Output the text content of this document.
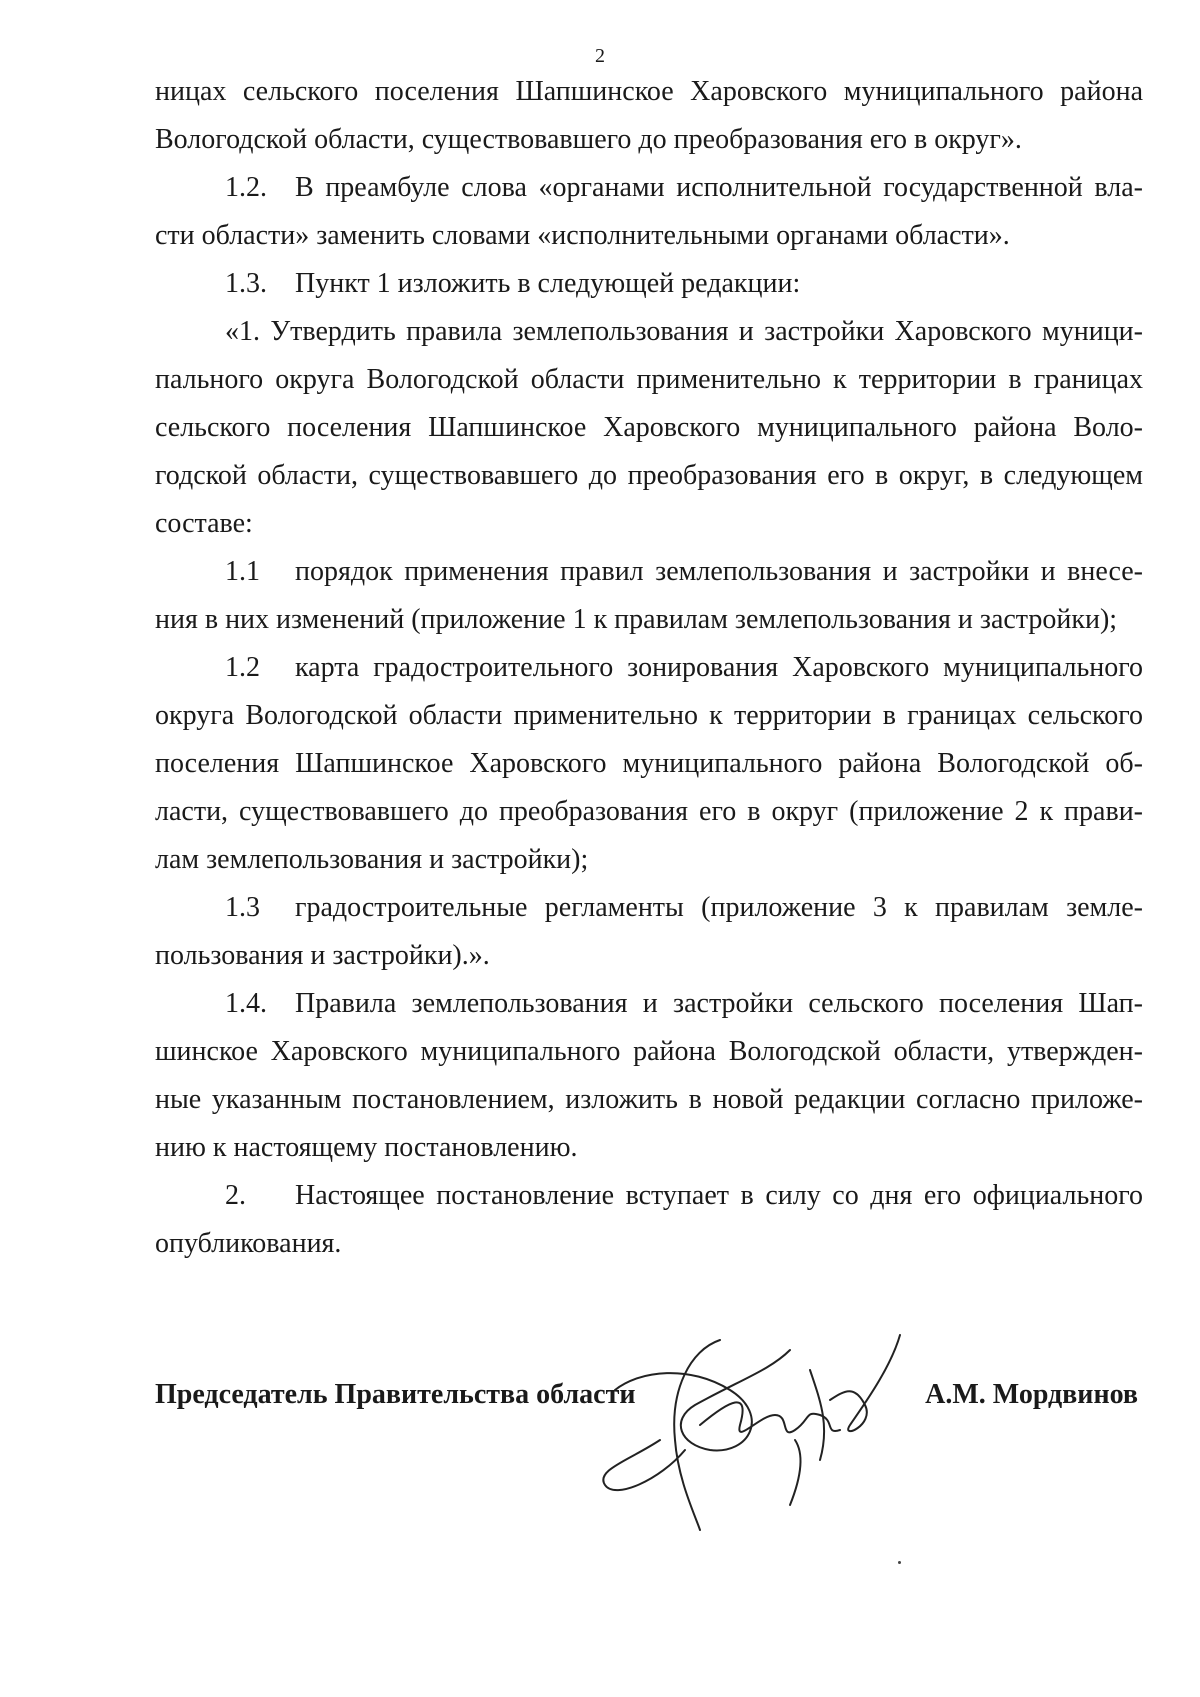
2

ницах сельского поселения Шапшинское Харовского муниципального района Вологодской области, существовавшего до преобразования его в округ».

1.2. В преамбуле слова «органами исполнительной государственной вла-сти области» заменить словами «исполнительными органами области».

1.3. Пункт 1 изложить в следующей редакции:

«1. Утвердить правила землепользования и застройки Харовского муници-пального округа Вологодской области применительно к территории в границах сельского поселения Шапшинское Харовского муниципального района Воло-годской области, существовавшего до преобразования его в округ, в следующем составе:

1.1 порядок применения правил землепользования и застройки и внесе-ния в них изменений (приложение 1 к правилам землепользования и застройки);

1.2 карта градостроительного зонирования Харовского муниципального округа Вологодской области применительно к территории в границах сельского поселения Шапшинское Харовского муниципального района Вологодской об-ласти, существовавшего до преобразования его в округ (приложение 2 к прави-лам землепользования и застройки);

1.3 градостроительные регламенты (приложение 3 к правилам земле-пользования и застройки).».

1.4. Правила землепользования и застройки сельского поселения Шап-шинское Харовского муниципального района Вологодской области, утвержден-ные указанным постановлением, изложить в новой редакции согласно приложе-нию к настоящему постановлению.

2. Настоящее постановление вступает в силу со дня его официального опубликования.

Председатель Правительства области	А.М. Мордвинов
